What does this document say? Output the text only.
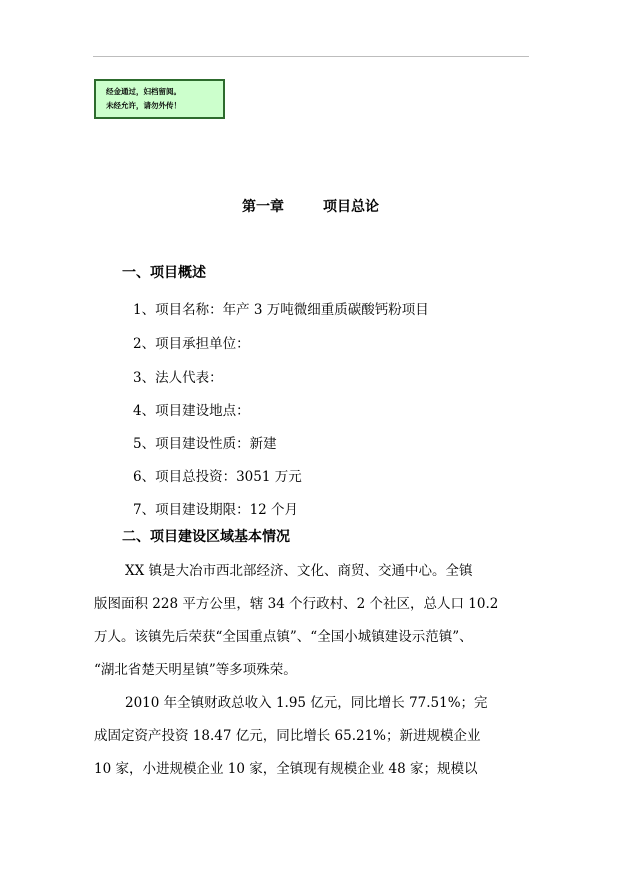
经金通过，妇档留阅。
未经允许，请勿外传！
第一章        项目总论
一、项目概述
1、项目名称：年产 3 万吨微细重质碳酸钙粉项目
2、项目承担单位：
3、法人代表：
4、项目建设地点：
5、项目建设性质：新建
6、项目总投资：3051 万元
7、项目建设期限：12 个月
二、项目建设区域基本情况
XX 镇是大冶市西北部经济、文化、商贸、交通中心。全镇
版图面积 228 平方公里，辖 34 个行政村、2 个社区，总人口 10.2
万人。该镇先后荣获“全国重点镇”、“全国小城镇建设示范镇”、
“湖北省楚天明星镇”等多项殊荣。
2010 年全镇财政总收入 1.95 亿元，同比增长 77.51%；完
成固定资产投资 18.47 亿元，同比增长 65.21%；新进规模企业
10 家，小进规模企业 10 家，全镇现有规模企业 48 家；规模以
